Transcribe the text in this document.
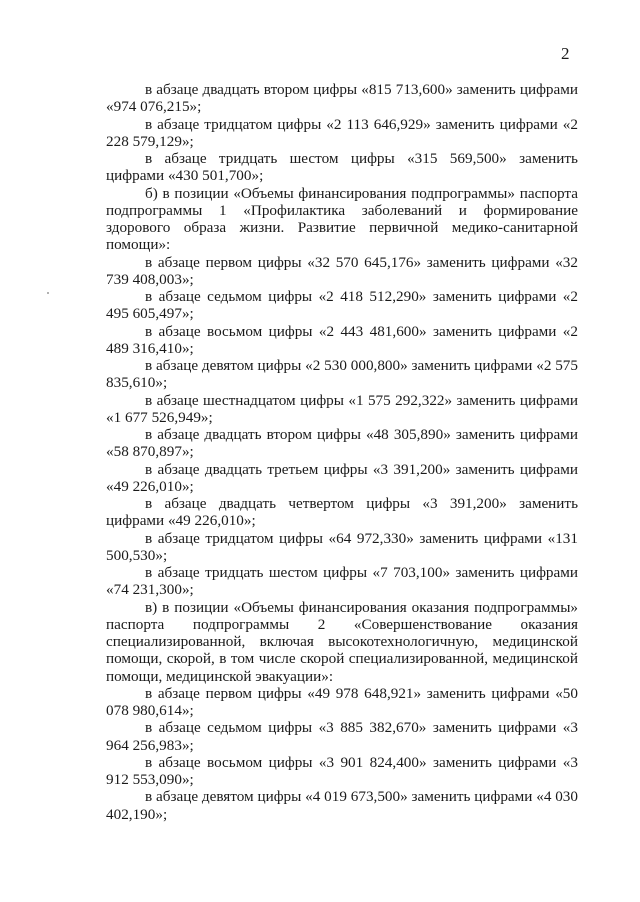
2

в абзаце двадцать втором цифры «815 713,600» заменить цифрами «974 076,215»;

в абзаце тридцатом цифры «2 113 646,929» заменить цифрами «2 228 579,129»;

в абзаце тридцать шестом цифры «315 569,500» заменить цифрами «430 501,700»;

б) в позиции «Объемы финансирования подпрограммы» паспорта подпрограммы 1 «Профилактика заболеваний и формирование здорового образа жизни. Развитие первичной медико-санитарной помощи»:

в абзаце первом цифры «32 570 645,176» заменить цифрами «32 739 408,003»;

в абзаце седьмом цифры «2 418 512,290» заменить цифрами «2 495 605,497»;

в абзаце восьмом цифры «2 443 481,600» заменить цифрами «2 489 316,410»;

в абзаце девятом цифры «2 530 000,800» заменить цифрами «2 575 835,610»;

в абзаце шестнадцатом цифры «1 575 292,322» заменить цифрами «1 677 526,949»;

в абзаце двадцать втором цифры «48 305,890» заменить цифрами «58 870,897»;

в абзаце двадцать третьем цифры «3 391,200» заменить цифрами «49 226,010»;

в абзаце двадцать четвертом цифры «3 391,200» заменить цифрами «49 226,010»;

в абзаце тридцатом цифры «64 972,330» заменить цифрами «131 500,530»;

в абзаце тридцать шестом цифры «7 703,100» заменить цифрами «74 231,300»;

в) в позиции «Объемы финансирования оказания подпрограммы» паспорта подпрограммы 2 «Совершенствование оказания специализированной, включая высокотехнологичную, медицинской помощи, скорой, в том числе скорой специализированной, медицинской помощи, медицинской эвакуации»:

в абзаце первом цифры «49 978 648,921» заменить цифрами «50 078 980,614»;

в абзаце седьмом цифры «3 885 382,670» заменить цифрами «3 964 256,983»;

в абзаце восьмом цифры «3 901 824,400» заменить цифрами «3 912 553,090»;

в абзаце девятом цифры «4 019 673,500» заменить цифрами «4 030 402,190»;
